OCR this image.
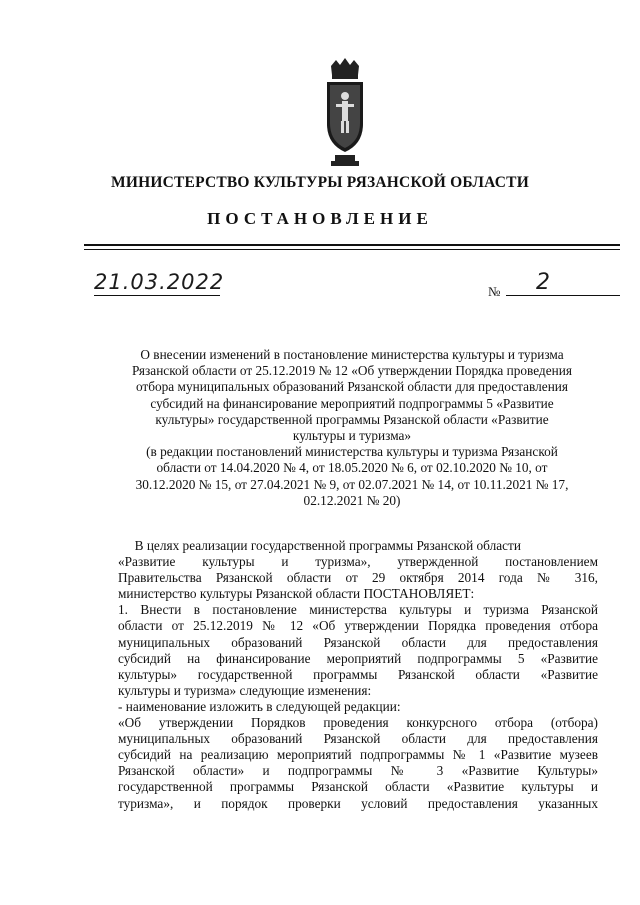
МИНИСТЕРСТВО КУЛЬТУРЫ РЯЗАНСКОЙ ОБЛАСТИ
ПОСТАНОВЛЕНИЕ
21.03.2022	№	2
О внесении изменений в постановление министерства культуры и туризма
Рязанской области от 25.12.2019 № 12 «Об утверждении Порядка проведения
отбора муниципальных образований Рязанской области для предоставления
субсидий на финансирование мероприятий подпрограммы 5 «Развитие
культуры» государственной программы Рязанской области «Развитие
культуры и туризма»
(в редакции постановлений министерства культуры и туризма Рязанской
области от 14.04.2020 № 4, от 18.05.2020 № 6, от 02.10.2020 № 10, от
30.12.2020 № 15, от 27.04.2021 № 9, от 02.07.2021 № 14, от 10.11.2021 № 17,
02.12.2021 № 20)
В целях реализации государственной программы Рязанской области
«Развитие культуры и туризма», утвержденной постановлением
Правительства Рязанской области от 29 октября 2014 года № 316,
министерство культуры Рязанской области ПОСТАНОВЛЯЕТ:
1. Внести в постановление министерства культуры и туризма Рязанской
области от 25.12.2019 № 12 «Об утверждении Порядка проведения отбора
муниципальных образований Рязанской области для предоставления
субсидий на финансирование мероприятий подпрограммы 5 «Развитие
культуры» государственной программы Рязанской области «Развитие
культуры и туризма» следующие изменения:
- наименование изложить в следующей редакции:
«Об утверждении Порядков проведения конкурсного отбора (отбора)
муниципальных образований Рязанской области для предоставления
субсидий на реализацию мероприятий подпрограммы № 1 «Развитие музеев
Рязанской области» и подпрограммы № 3 «Развитие Культуры»
государственной программы Рязанской области «Развитие культуры и
туризма», и порядок проверки условий предоставления указанных
